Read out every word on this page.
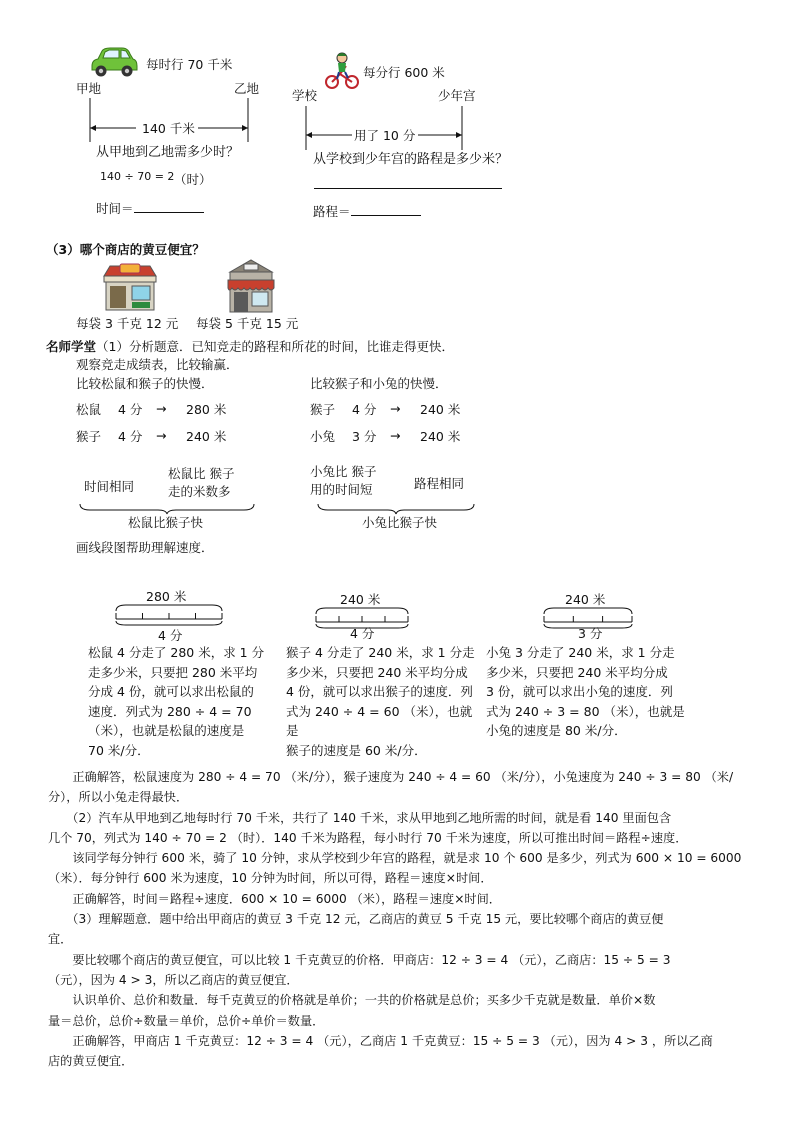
每时行 70 千米
甲地	乙地
140 千米
从甲地到乙地需多少时？
140 ÷ 70 = 2 （时）
时间＝
每分行 600 米
学校	少年宫
用了 10 分
从学校到少年宫的路程是多少米？
路程＝
（3）哪个商店的黄豆便宜？
每袋 3 千克 12 元 每袋 5 千克 15 元
名师学堂（1）分析题意．已知竞走的路程和所花的时间，比谁走得更快．
观察竞走成绩表，比较输赢．
比较松鼠和猴子的快慢．	比较猴子和小兔的快慢．
松鼠 4 分 → 280 米
猴子 4 分 → 240 米
猴子 4 分 → 240 米
小兔 3 分 → 240 米
时间相同
松鼠比 猴子
走的米数多
松鼠比猴子快
小兔比 猴子
用的时间短	路程相同
小兔比猴子快
画线段图帮助理解速度．
280 米
4 分
240 米
4 分
240 米
3 分
松鼠 4 分走了 280 米，求 1 分
走多少米，只要把 280 米平均
分成 4 份，就可以求出松鼠的
速度．列式为 280 ÷ 4 = 70
（米），也就是松鼠的速度是
70 米/分．
猴子 4 分走了 240 米，求 1 分走
多少米，只要把 240 米平均分成
4 份，就可以求出猴子的速度．列
式为 240 ÷ 4 = 60 （米），也就是
猴子的速度是 60 米/分．
小兔 3 分走了 240 米，求 1 分走
多少米，只要把 240 米平均分成
3 份，就可以求出小兔的速度．列
式为 240 ÷ 3 = 80 （米），也就是
小兔的速度是 80 米/分．
　　正确解答，松鼠速度为 280 ÷ 4 = 70 （米/分），猴子速度为 240 ÷ 4 = 60 （米/分），小兔速度为 240 ÷ 3 = 80 （米/
分），所以小兔走得最快．
　　（2）汽车从甲地到乙地每时行 70 千米，共行了 140 千米，求从甲地到乙地所需的时间，就是看 140 里面包含
几个 70，列式为 140 ÷ 70 = 2 （时）．140 千米为路程，每小时行 70 千米为速度，所以可推出时间＝路程÷速度．
　　该同学每分钟行 600 米，骑了 10 分钟，求从学校到少年宫的路程，就是求 10 个 600 是多少，列式为 600 × 10 = 6000
（米）．每分钟行 600 米为速度，10 分钟为时间，所以可得，路程＝速度×时间．
　　正确解答，时间＝路程÷速度．600 × 10 = 6000 （米），路程＝速度×时间．
　　（3）理解题意．题中给出甲商店的黄豆 3 千克 12 元，乙商店的黄豆 5 千克 15 元，要比较哪个商店的黄豆便
宜．
　　要比较哪个商店的黄豆便宜，可以比较 1 千克黄豆的价格．甲商店：12 ÷ 3 = 4 （元），乙商店：15 ÷ 5 = 3
（元），因为 4 > 3，所以乙商店的黄豆便宜．
　　认识单价、总价和数量．每千克黄豆的价格就是单价；一共的价格就是总价；买多少千克就是数量．单价×数
量＝总价，总价÷数量＝单价，总价÷单价＝数量．
　　正确解答，甲商店 1 千克黄豆：12 ÷ 3 = 4 （元），乙商店 1 千克黄豆：15 ÷ 5 = 3 （元），因为 4 > 3 ，所以乙商
店的黄豆便宜．
